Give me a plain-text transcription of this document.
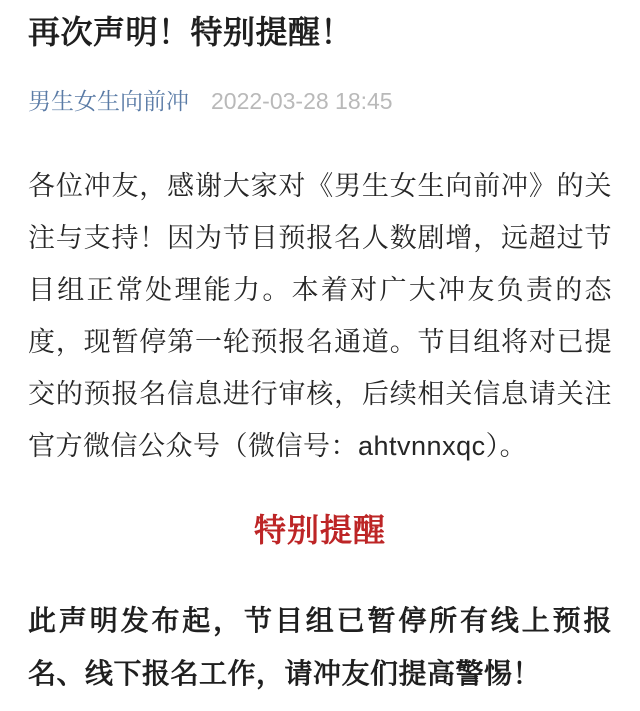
再次声明！特别提醒！
男生女生向前冲 2022-03-28 18:45

各位冲友，感谢大家对《男生女生向前冲》的关注与支持！因为节目预报名人数剧增，远超过节目组正常处理能力。本着对广大冲友负责的态度，现暂停第一轮预报名通道。节目组将对已提交的预报名信息进行审核，后续相关信息请关注官方微信公众号（微信号：ahtvnnxqc）。

特别提醒

此声明发布起，节目组已暂停所有线上预报名、线下报名工作，请冲友们提高警惕！
